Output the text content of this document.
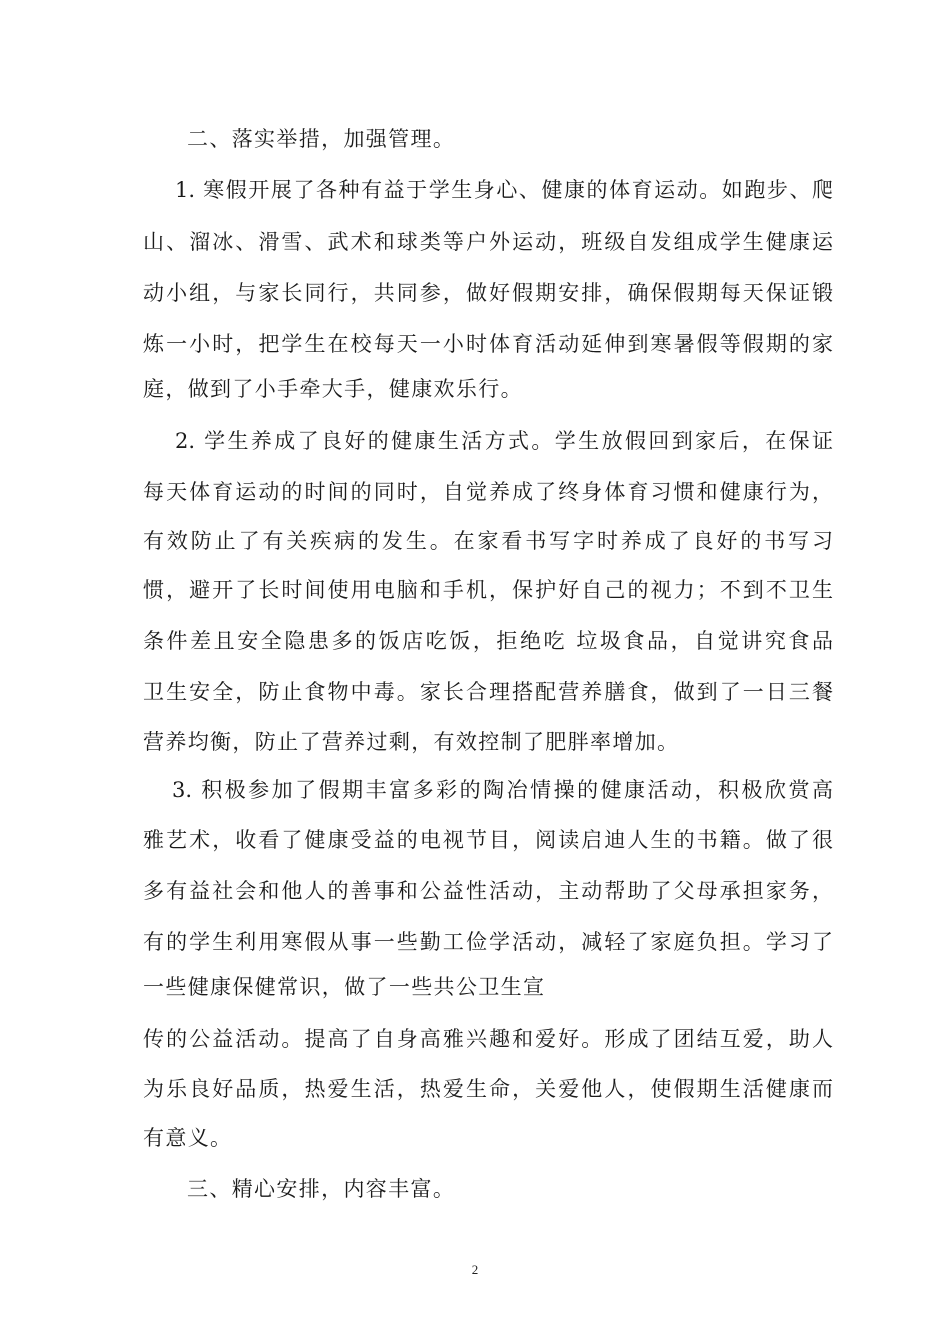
二、落实举措，加强管理。
1. 寒假开展了各种有益于学生身心、健康的体育运动。如跑步、爬
山、溜冰、滑雪、武术和球类等户外运动，班级自发组成学生健康运
动小组，与家长同行，共同参，做好假期安排，确保假期每天保证锻
炼一小时，把学生在校每天一小时体育活动延伸到寒暑假等假期的家
庭，做到了小手牵大手，健康欢乐行。
2. 学生养成了良好的健康生活方式。学生放假回到家后，在保证
每天体育运动的时间的同时，自觉养成了终身体育习惯和健康行为，
有效防止了有关疾病的发生。在家看书写字时养成了良好的书写习
惯，避开了长时间使用电脑和手机，保护好自己的视力；不到不卫生
条件差且安全隐患多的饭店吃饭，拒绝吃 垃圾食品，自觉讲究食品
卫生安全，防止食物中毒。家长合理搭配营养膳食，做到了一日三餐
营养均衡，防止了营养过剩，有效控制了肥胖率增加。
3. 积极参加了假期丰富多彩的陶冶情操的健康活动，积极欣赏高
雅艺术，收看了健康受益的电视节目，阅读启迪人生的书籍。做了很
多有益社会和他人的善事和公益性活动，主动帮助了父母承担家务，
有的学生利用寒假从事一些勤工俭学活动，减轻了家庭负担。学习了
一些健康保健常识，做了一些共公卫生宣
传的公益活动。提高了自身高雅兴趣和爱好。形成了团结互爱，助人
为乐良好品质，热爱生活，热爱生命，关爱他人，使假期生活健康而
有意义。
三、精心安排，内容丰富。
2
